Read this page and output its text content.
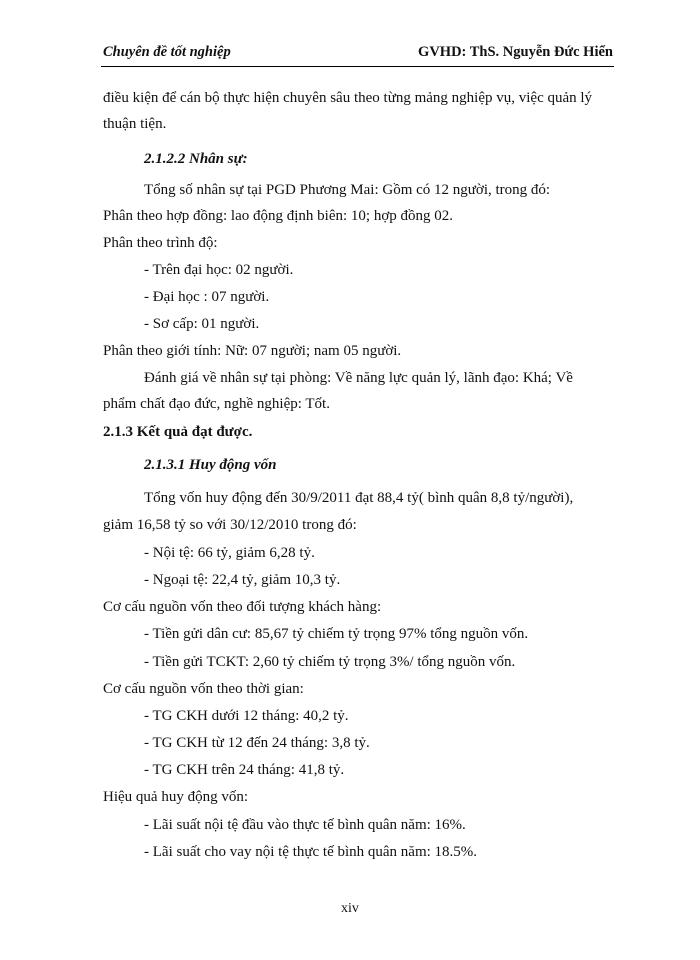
Chuyên đề tốt nghiệp	GVHD: ThS. Nguyễn Đức Hiển
điều kiện để cán bộ thực hiện chuyên sâu theo từng mảng nghiệp vụ, việc quản lý
thuận tiện.
2.1.2.2 Nhân sự:
Tổng số nhân sự tại PGD Phương Mai: Gồm có 12 người, trong đó:
Phân theo hợp đồng: lao động định biên: 10; hợp đồng 02.
Phân theo trình độ:
- Trên đại học: 02 người.
- Đại học : 07 người.
- Sơ cấp: 01 người.
Phân theo giới tính: Nữ: 07 người; nam 05 người.
Đánh giá về nhân sự tại phòng: Về năng lực quản lý, lãnh đạo: Khá; Về
phẩm chất đạo đức, nghề nghiệp: Tốt.
2.1.3 Kết quả đạt được.
2.1.3.1 Huy động vốn
Tổng vốn huy động đến 30/9/2011 đạt 88,4 tỷ( bình quân 8,8 tỷ/người),
giảm 16,58 tỷ so với 30/12/2010 trong đó:
- Nội tệ: 66 tỷ, giảm 6,28 tỷ.
- Ngoại tệ: 22,4 tỷ, giảm 10,3 tỷ.
Cơ cấu nguồn vốn theo đối tượng khách hàng:
- Tiền gửi dân cư: 85,67 tỷ chiếm tỷ trọng 97% tổng nguồn vốn.
- Tiền gửi TCKT: 2,60 tỷ chiếm tỷ trọng 3%/ tổng nguồn vốn.
Cơ cấu nguồn vốn theo thời gian:
- TG CKH dưới 12 tháng: 40,2 tỷ.
- TG CKH từ 12 đến 24 tháng: 3,8 tỷ.
- TG CKH trên 24 tháng: 41,8 tỷ.
Hiệu quả huy động vốn:
- Lãi suất nội tệ đầu vào thực tế bình quân năm: 16%.
- Lãi suất cho vay nội tệ thực tế bình quân năm: 18.5%.
xiv
